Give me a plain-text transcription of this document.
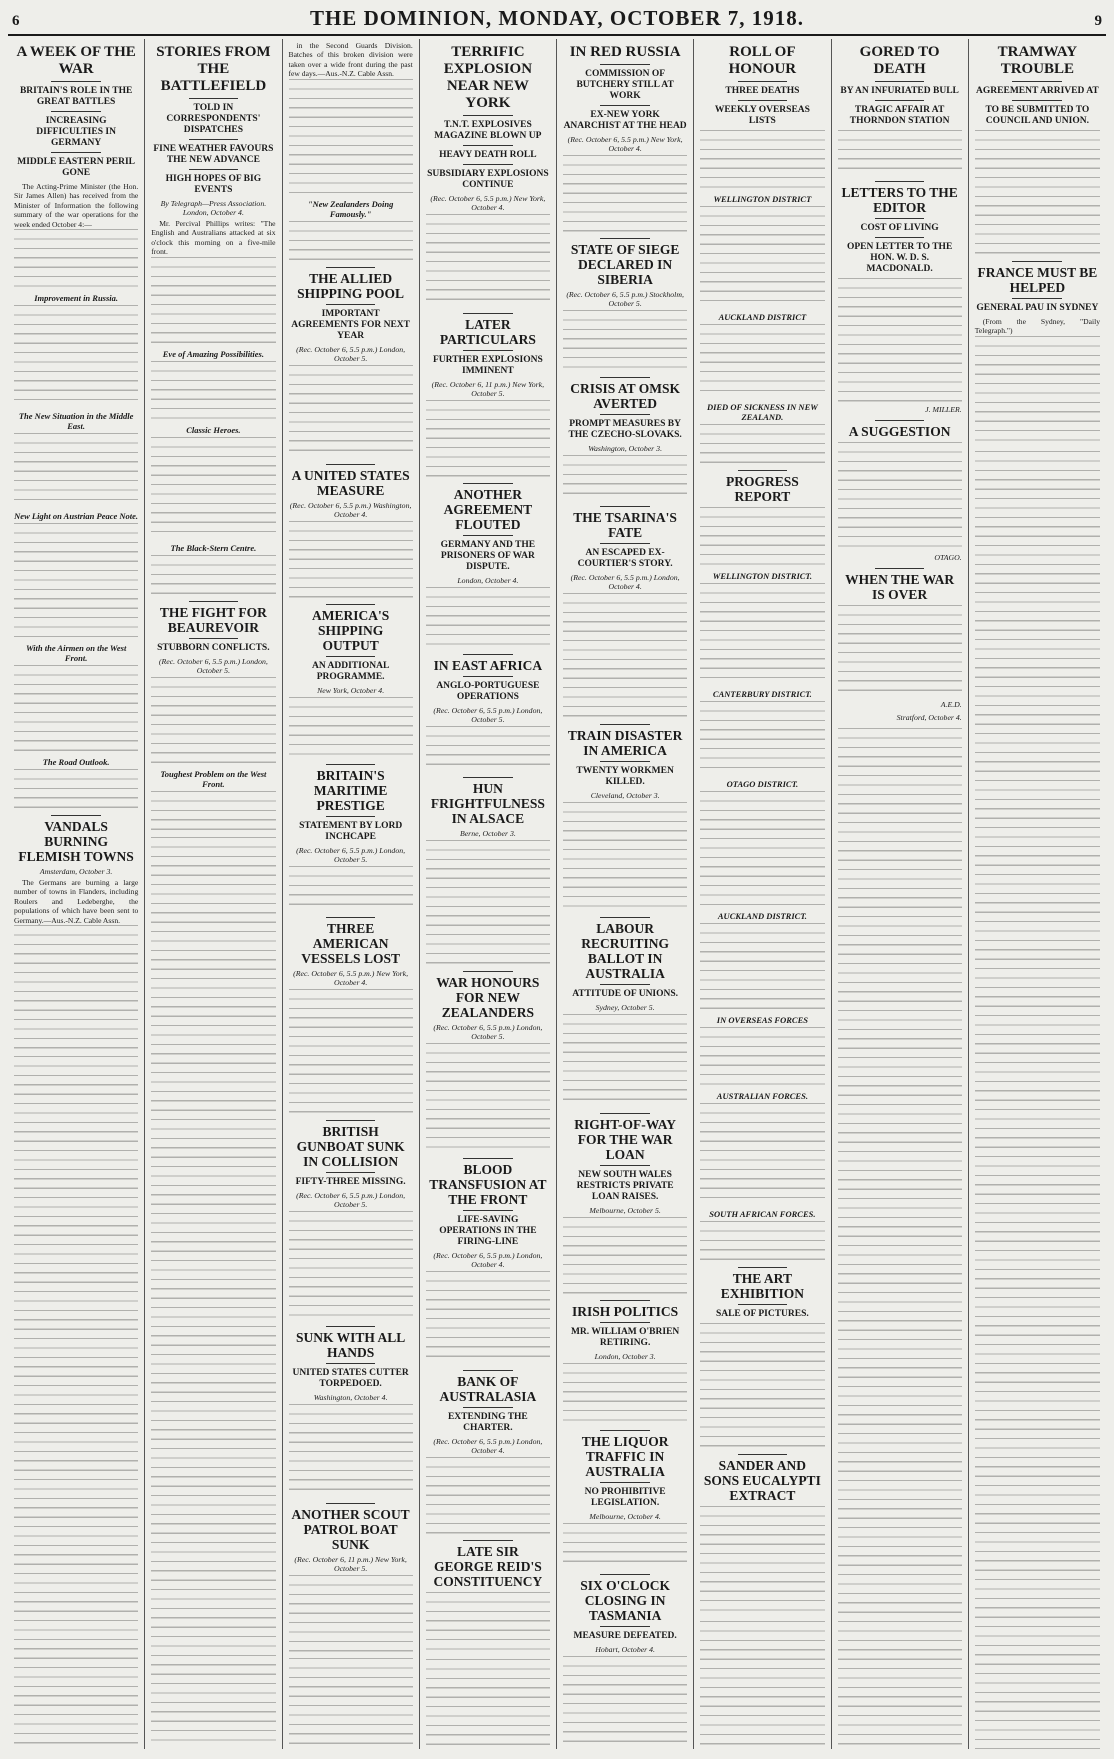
6	THE DOMINION, MONDAY, OCTOBER 7, 1918.	9
A WEEK OF THE WAR
BRITAIN'S ROLE IN THE GREAT BATTLES
INCREASING DIFFICULTIES IN GERMANY
MIDDLE EASTERN PERIL GONE

The Acting-Prime Minister (the Hon. Sir James Allen) has received from the Minister of Information the following summary of the war operations for the week ended October 4:—

Improvement in Russia.
The New Situation in the Middle East.
New Light on Austrian Peace Note.
With the Airmen on the West Front.
The Road Outlook.
VANDALS BURNING FLEMISH TOWNS
Amsterdam, October 3.

The Germans are burning a large number of towns in Flanders, including Roulers and Ledeberghe, the populations of which have been sent to Germany.—Aus.-N.Z. Cable Assn.

STORIES FROM THE BATTLEFIELD
TOLD IN CORRESPONDENTS' DISPATCHES
FINE WEATHER FAVOURS THE NEW ADVANCE
HIGH HOPES OF BIG EVENTS
By Telegraph—Press Association. London, October 4.

Mr. Percival Phillips writes: "The English and Australians attacked at six o'clock this morning on a five-mile front.

Eve of Amazing Possibilities.
Classic Heroes.
The Black-Stern Centre.
THE FIGHT FOR BEAUREVOIR
STUBBORN CONFLICTS.
(Rec. October 6, 5.5 p.m.) London, October 5.
Toughest Problem on the West Front.

in the Second Guards Division. Batches of this broken division were taken over a wide front during the past few days.—Aus.-N.Z. Cable Assn.

"New Zealanders Doing Famously."
THE ALLIED SHIPPING POOL
IMPORTANT AGREEMENTS FOR NEXT YEAR
(Rec. October 6, 5.5 p.m.) London, October 5.
A UNITED STATES MEASURE
(Rec. October 6, 5.5 p.m.) Washington, October 4.
AMERICA'S SHIPPING OUTPUT
AN ADDITIONAL PROGRAMME.
New York, October 4.
BRITAIN'S MARITIME PRESTIGE
STATEMENT BY LORD INCHCAPE
(Rec. October 6, 5.5 p.m.) London, October 5.
THREE AMERICAN VESSELS LOST
(Rec. October 6, 5.5 p.m.) New York, October 4.
BRITISH GUNBOAT SUNK IN COLLISION
FIFTY-THREE MISSING.
(Rec. October 6, 5.5 p.m.) London, October 5.
SUNK WITH ALL HANDS
UNITED STATES CUTTER TORPEDOED.
Washington, October 4.
ANOTHER SCOUT PATROL BOAT SUNK
(Rec. October 6, 11 p.m.) New York, October 5.
TERRIFIC EXPLOSION NEAR NEW YORK
T.N.T. EXPLOSIVES MAGAZINE BLOWN UP
HEAVY DEATH ROLL
SUBSIDIARY EXPLOSIONS CONTINUE
(Rec. October 6, 5.5 p.m.) New York, October 4.
LATER PARTICULARS
FURTHER EXPLOSIONS IMMINENT
(Rec. October 6, 11 p.m.) New York, October 5.
ANOTHER AGREEMENT FLOUTED
GERMANY AND THE PRISONERS OF WAR DISPUTE.
London, October 4.
IN EAST AFRICA
ANGLO-PORTUGUESE OPERATIONS
(Rec. October 6, 5.5 p.m.) London, October 5.
HUN FRIGHTFULNESS IN ALSACE
Berne, October 3.
WAR HONOURS FOR NEW ZEALANDERS
(Rec. October 6, 5.5 p.m.) London, October 5.
BLOOD TRANSFUSION AT THE FRONT
LIFE-SAVING OPERATIONS IN THE FIRING-LINE
(Rec. October 6, 5.5 p.m.) London, October 4.
BANK OF AUSTRALASIA
EXTENDING THE CHARTER.
(Rec. October 6, 5.5 p.m.) London, October 4.
LATE SIR GEORGE REID'S CONSTITUENCY
IN RED RUSSIA
COMMISSION OF BUTCHERY STILL AT WORK
EX-NEW YORK ANARCHIST AT THE HEAD
(Rec. October 6, 5.5 p.m.) New York, October 4.
STATE OF SIEGE DECLARED IN SIBERIA
(Rec. October 6, 5.5 p.m.) Stockholm, October 5.
CRISIS AT OMSK AVERTED
PROMPT MEASURES BY THE CZECHO-SLOVAKS.
Washington, October 3.
THE TSARINA'S FATE
AN ESCAPED EX-COURTIER'S STORY.
(Rec. October 6, 5.5 p.m.) London, October 4.
TRAIN DISASTER IN AMERICA
TWENTY WORKMEN KILLED.
Cleveland, October 3.
LABOUR RECRUITING BALLOT IN AUSTRALIA
ATTITUDE OF UNIONS.
Sydney, October 5.
RIGHT-OF-WAY FOR THE WAR LOAN
NEW SOUTH WALES RESTRICTS PRIVATE LOAN RAISES.
Melbourne, October 5.
IRISH POLITICS
MR. WILLIAM O'BRIEN RETIRING.
London, October 3.
THE LIQUOR TRAFFIC IN AUSTRALIA
NO PROHIBITIVE LEGISLATION.
Melbourne, October 4.
SIX O'CLOCK CLOSING IN TASMANIA
MEASURE DEFEATED.
Hobart, October 4.
ROLL OF HONOUR
THREE DEATHS
WEEKLY OVERSEAS LISTS
WELLINGTON DISTRICT
AUCKLAND DISTRICT
DIED OF SICKNESS IN NEW ZEALAND.
PROGRESS REPORT
WELLINGTON DISTRICT.
CANTERBURY DISTRICT.
OTAGO DISTRICT.
AUCKLAND DISTRICT.
IN OVERSEAS FORCES
AUSTRALIAN FORCES.
SOUTH AFRICAN FORCES.
THE ART EXHIBITION
SALE OF PICTURES.
SANDER AND SONS EUCALYPTI EXTRACT
GORED TO DEATH
BY AN INFURIATED BULL
TRAGIC AFFAIR AT THORNDON STATION
LETTERS TO THE EDITOR
COST OF LIVING
OPEN LETTER TO THE HON. W. D. S. MACDONALD.
J. MILLER.
A SUGGESTION
OTAGO.
WHEN THE WAR IS OVER
A.E.D.
Stratford, October 4.
TRAMWAY TROUBLE
AGREEMENT ARRIVED AT
TO BE SUBMITTED TO COUNCIL AND UNION.
FRANCE MUST BE HELPED
GENERAL PAU IN SYDNEY

(From the Sydney, "Daily Telegraph.")
